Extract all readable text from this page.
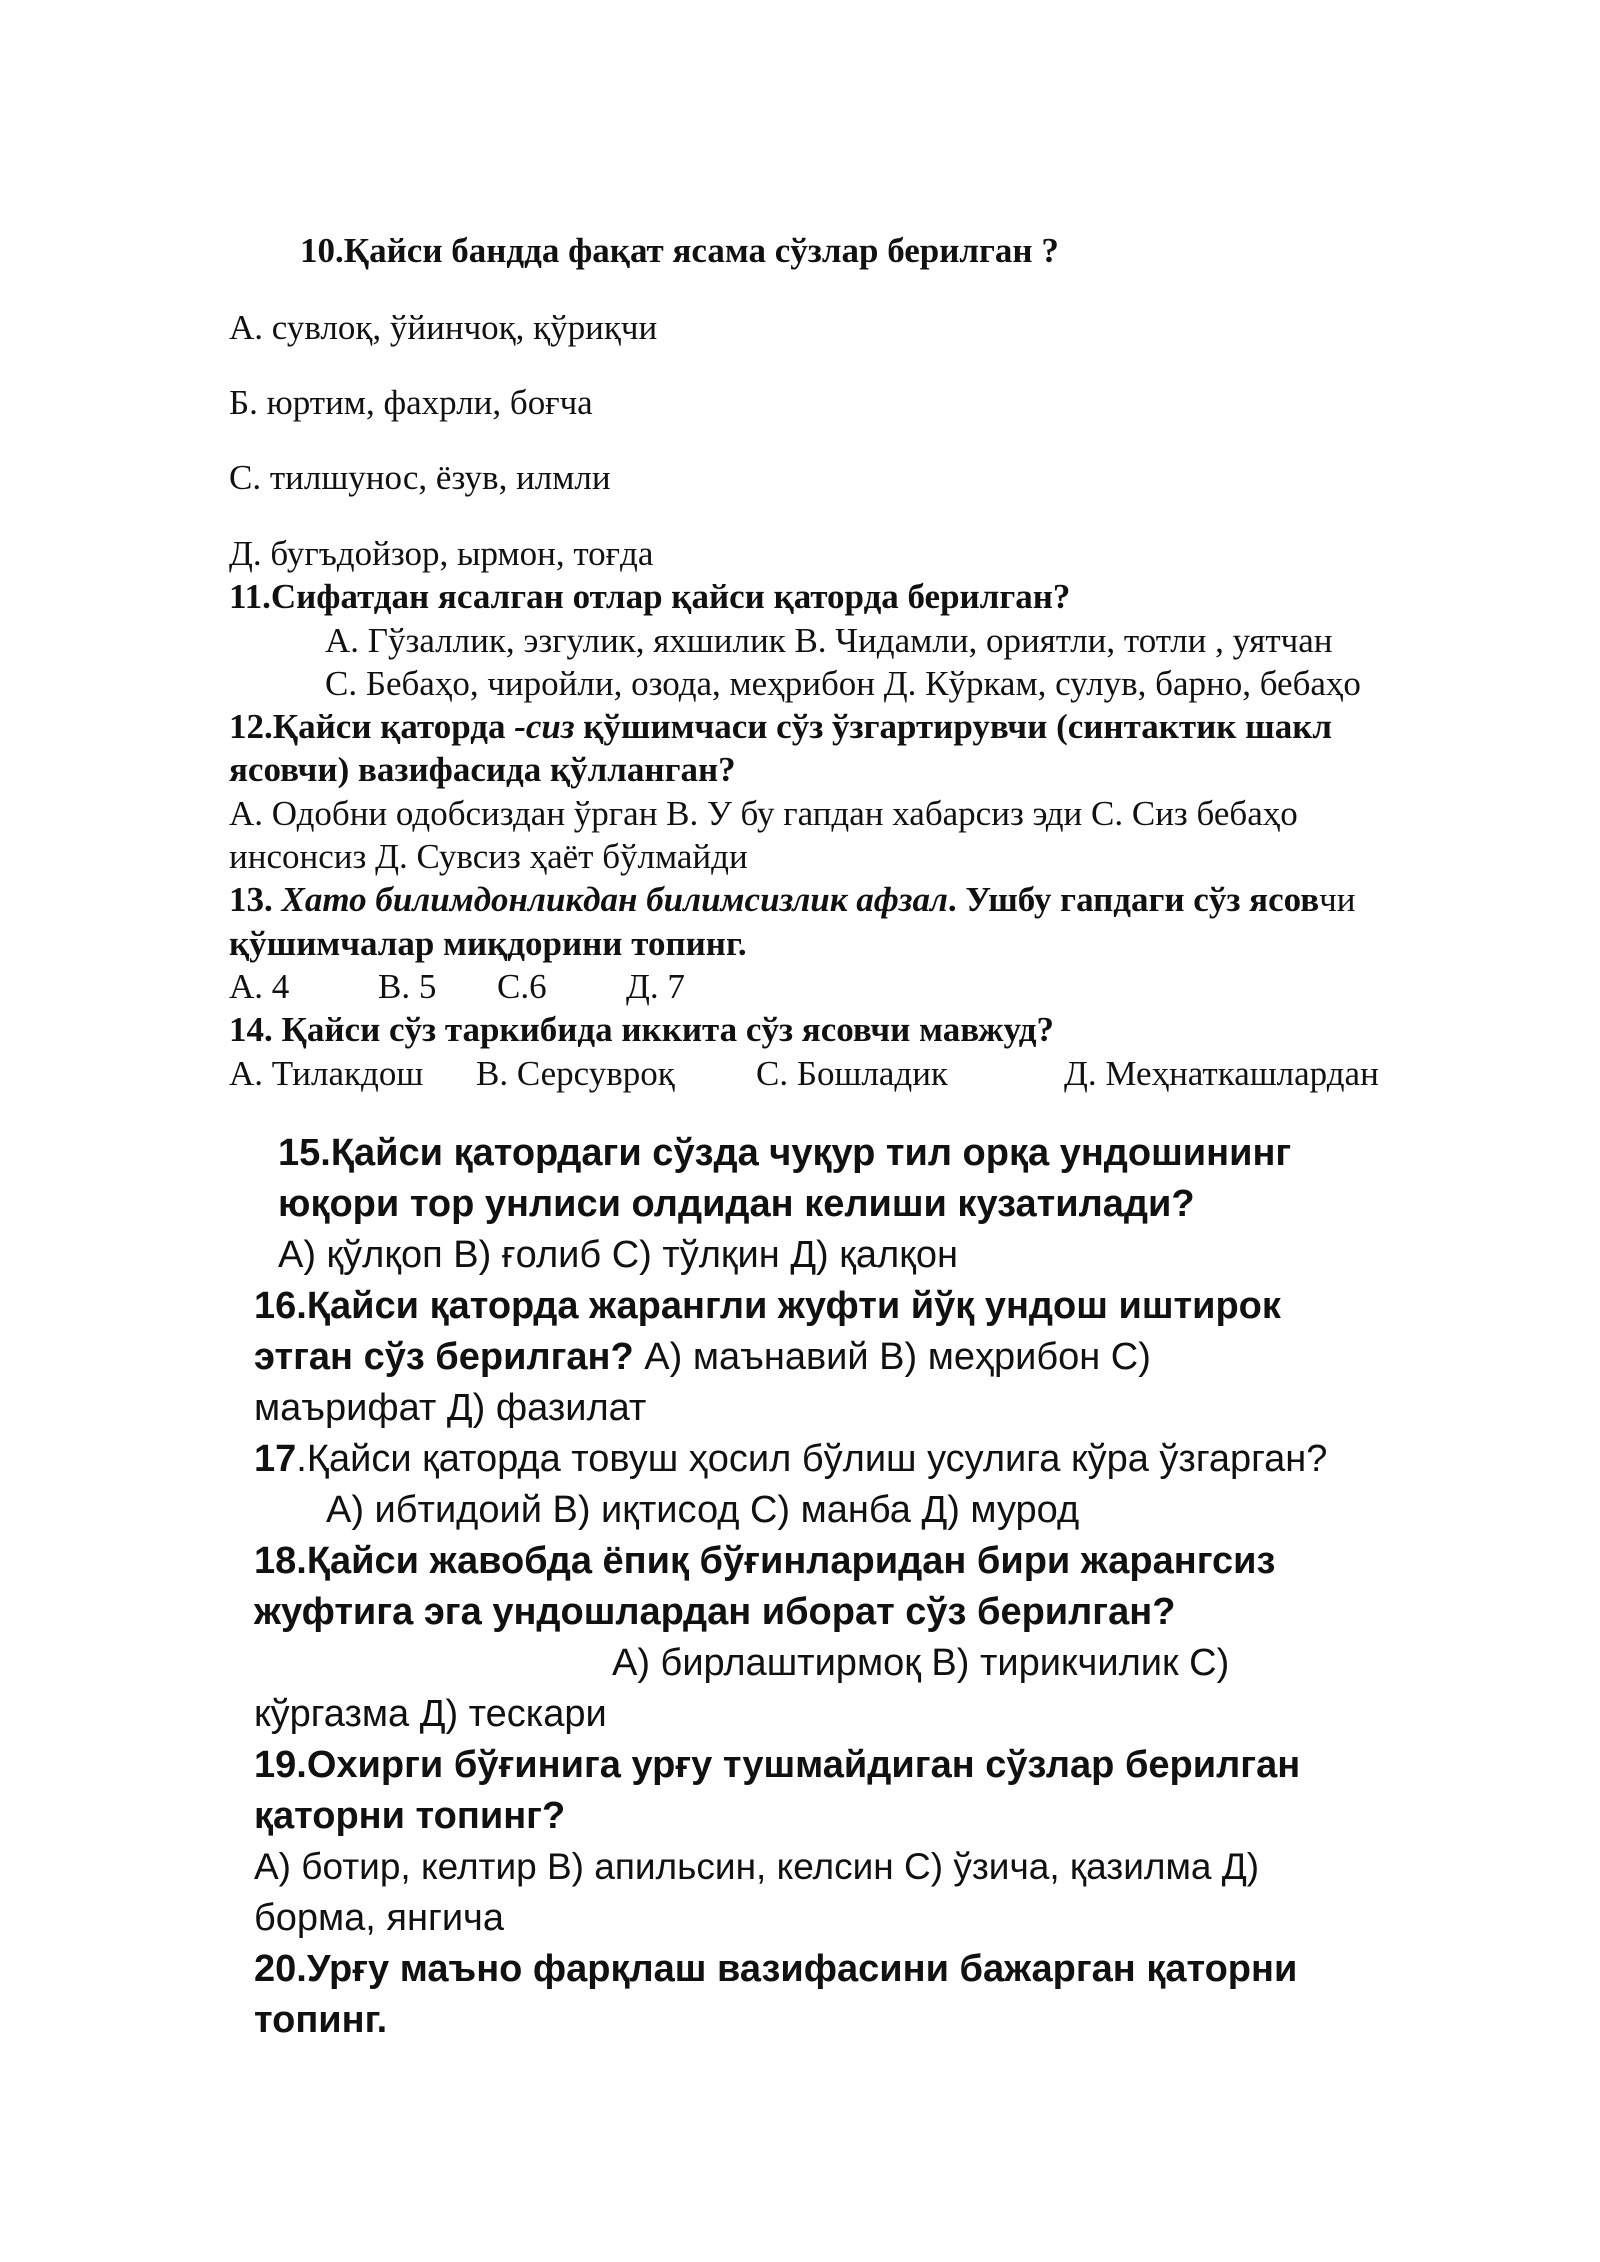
10.Қайси бандда фақат ясама сўзлар берилган ?

А. сувлоқ, ўйинчоқ, қўриқчи

Б. юртим, фахрли, боғча

С. тилшунос, ёзув, илмли

Д. бугъдойзор, ырмон, тоғда

11.Сифатдан ясалган отлар қайси қаторда берилган?

А. Гўзаллик, эзгулик, яхшилик В. Чидамли, ориятли, тотли , уятчан

С. Бебаҳо, чиройли, озода, меҳрибон Д. Кўркам, сулув, барно, бебаҳо

12.Қайси қаторда -сиз қўшимчаси сўз ўзгартирувчи (синтактик шакл

ясовчи) вазифасида қўлланган?

А. Одобни одобсиздан ўрган В. У бу гапдан хабарсиз эди С. Сиз бебаҳо

инсонсиз Д. Сувсиз ҳаёт бўлмайди

13. Хато билимдонликдан билимсизлик афзал. Ушбу гапдаги сўз ясовчи

қўшимчалар миқдорини топинг.

А. 4	В. 5 С.6 Д. 7

14. Қайси сўз таркибида иккита сўз ясовчи мавжуд?

А. Тилакдош В. Серсувроқ С. Бошладик	Д. Меҳнаткашлардан

15.Қайси қатордаги сўзда чуқур тил орқа ундошининг

юқори тор унлиси олдидан келиши кузатилади?

А) қўлқоп В) ғолиб С) тўлқин Д) қалқон

16.Қайси қаторда жарангли жуфти йўқ ундош иштирок

этган сўз берилган? А) маънавий В) меҳрибон С)

маърифат Д) фазилат

17.Қайси қаторда товуш ҳосил бўлиш усулига кўра ўзгарган?

А) ибтидоий В) иқтисод С) манба Д) мурод

18.Қайси жавобда ёпиқ бўғинларидан бири жарангсиз

жуфтига эга ундошлардан иборат сўз берилган?

А) бирлаштирмоқ В) тирикчилик С)

кўргазма Д) тескари

19.Охирги бўғинига урғу тушмайдиган сўзлар берилган

қаторни топинг?

А) ботир, келтир В) апильсин, келсин С) ўзича, қазилма Д)

борма, янгича

20.Урғу маъно фарқлаш вазифасини бажарган қаторни

топинг.
